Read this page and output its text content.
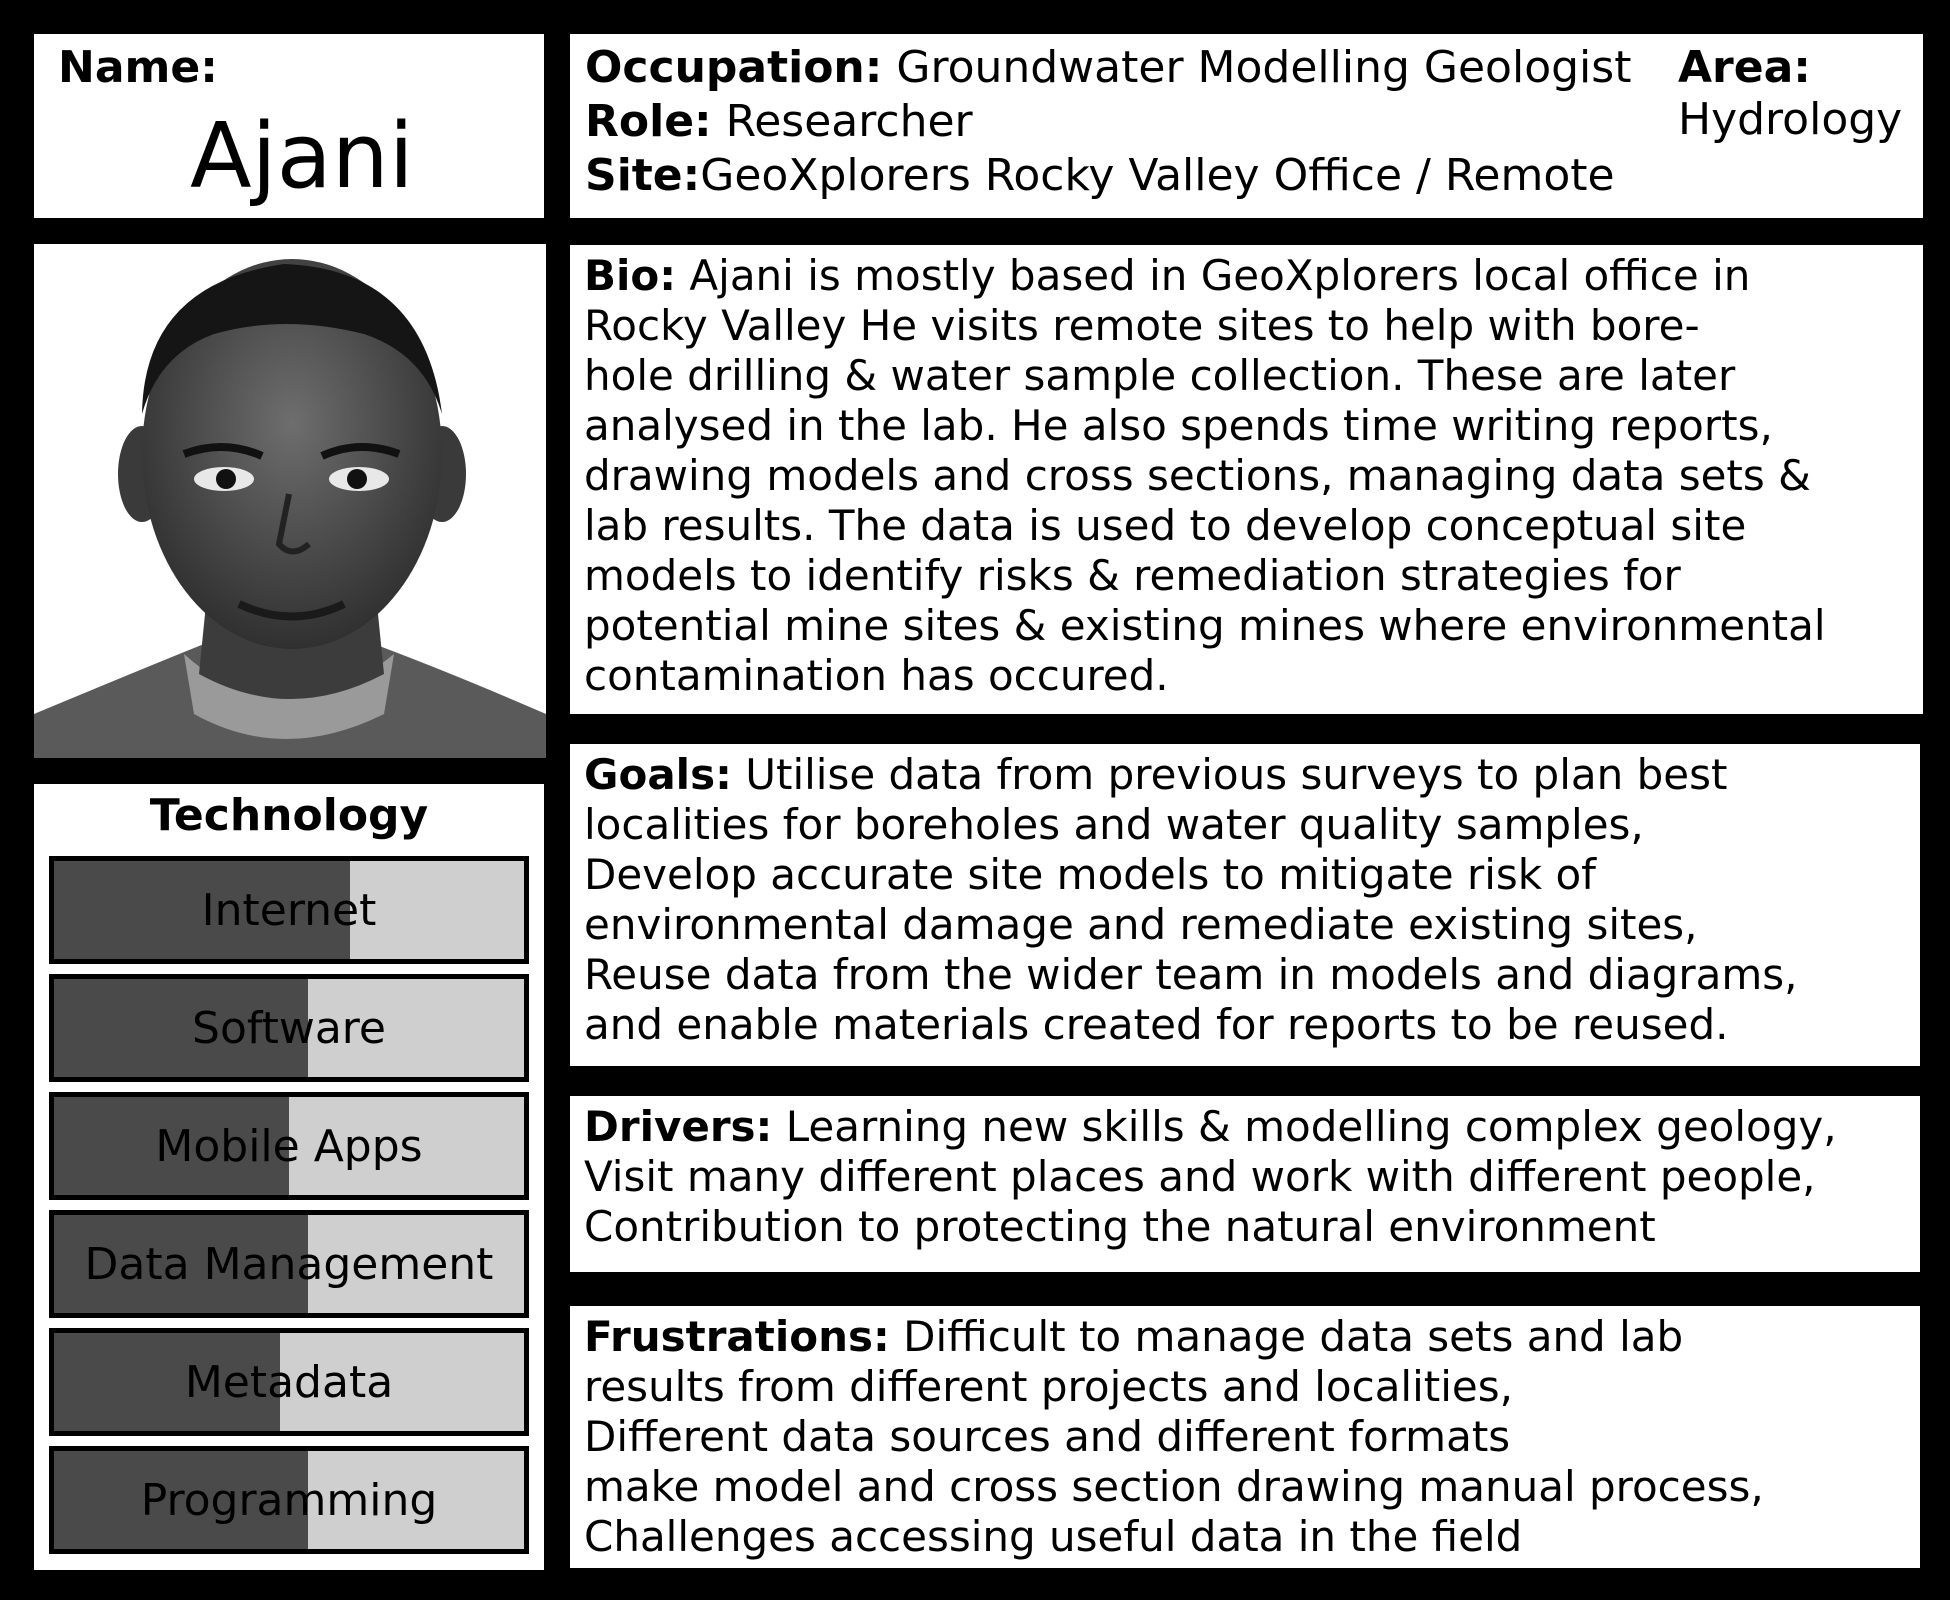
Name:
Ajani
Occupation: Groundwater Modelling Geologist
Role: Researcher
Site:GeoXplorers Rocky Valley Office / Remote
Area:
Hydrology
Bio: Ajani is mostly based in GeoXplorers local office in
Rocky Valley He visits remote sites to help with bore-
hole drilling & water sample collection. These are later
analysed in the lab. He also spends time writing reports,
drawing models and cross sections, managing data sets &
lab results. The data is used to develop conceptual site
models to identify risks & remediation strategies for
potential mine sites & existing mines where environmental
contamination has occured.
Goals: Utilise data from previous surveys to plan best
localities for boreholes and water quality samples,
Develop accurate site models to mitigate risk of
environmental damage and remediate existing sites,
Reuse data from the wider team in models and diagrams,
and enable materials created for reports to be reused.
Drivers: Learning new skills & modelling complex geology,
Visit many different places and work with different people,
Contribution to protecting the natural environment
Frustrations: Difficult to manage data sets and lab
results from different projects and localities,
Different data sources and different formats
make model and cross section drawing manual process,
Challenges accessing useful data in the field
Technology
Internet
Software
Mobile Apps
Data Management
Metadata
Programming
